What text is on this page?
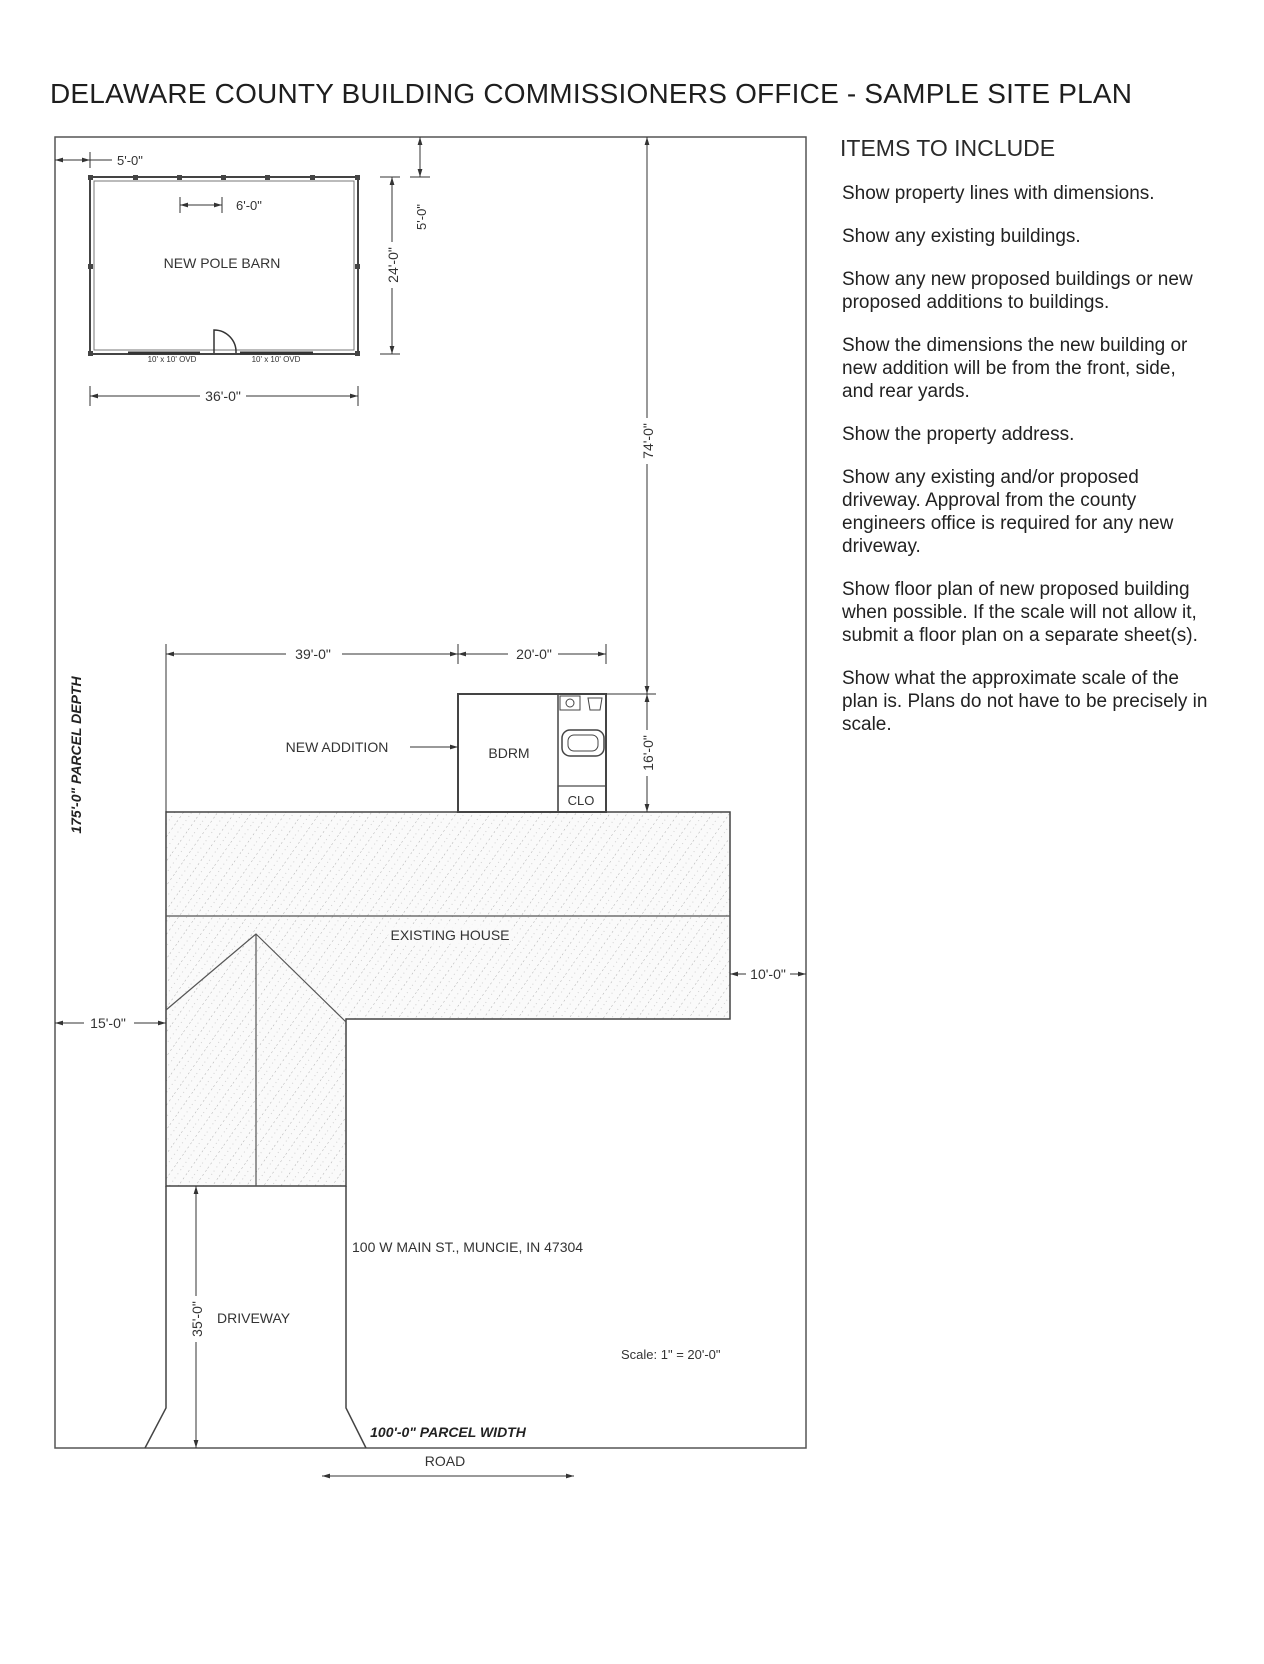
DELAWARE COUNTY BUILDING COMMISSIONERS OFFICE - SAMPLE SITE PLAN
NEW POLE BARN
10' x 10' OVD	10' x 10' OVD
6'-0"
36'-0"
24'-0"
5'-0"
5'-0"
EXISTING HOUSE
BDRM
CLO
NEW ADDITION
39'-0"	20'-0"
16'-0"
74'-0"
15'-0"
10'-0"
35'-0" DRIVEWAY
100 W MAIN ST., MUNCIE, IN 47304
Scale: 1" = 20'-0"
175'-0" PARCEL DEPTH
100'-0" PARCEL WIDTH
ROAD
ITEMS TO INCLUDE
Show property lines with dimensions.
Show any existing buildings.
Show any new proposed buildings or new proposed additions to buildings.
Show the dimensions the new building or new addition will be from the front, side, and rear yards.
Show the property address.
Show any existing and/or proposed driveway. Approval from the county engineers office is required for any new driveway.
Show floor plan of new proposed building when possible. If the scale will not allow it, submit a floor plan on a separate sheet(s).
Show what the approximate scale of the plan is. Plans do not have to be precisely in scale.
